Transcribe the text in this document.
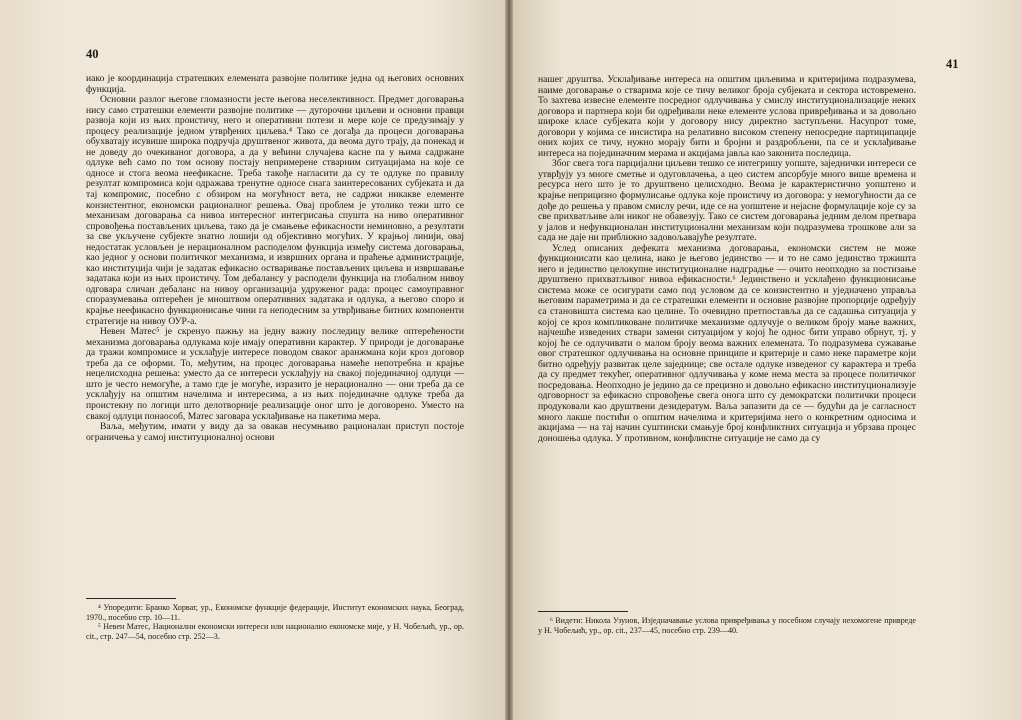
40

иако је координација стратешких елемената развојне политике једна од његових основних функција.

Основни разлог његове гломазности јесте његова неселективност. Предмет договарања нису само стратешки елементи развојне политике — дугорочни циљеви и основни правци развоја који из њих проистичу, него и оперативни потези и мере које се предузимају у процесу реализације једном утврђених циљева.⁴ Тако се догађа да процеси договарања обухватају исувише широка подручја друштвеног живота, да веома дуго трају, да понекад и не доведу до очекиваног договора, а да у већини случајева касне па у њима садржане одлуке већ само по том основу постају непримерене стварним ситуацијама на које се односе и стога веома неефикасне. Треба такође нагласити да су те одлуке по правилу резултат компромиса који одражава тренутне односе снага заинтересованих субјеката и да тај компромис, посебно с обзиром на могућност вета, не садржи никакве елементе конзистентног, економски рационалног решења. Овај проблем је утолико тежи што се механизам договарања са нивоа интересног интегрисања спушта на ниво оперативног спровођења постављених циљева, тако да је смањење ефикасности неминовно, а резултати за све укључене субјекте знатно лошији од објективно могућих. У крајњој линији, овај недостатак условљен је нерационалном расподелом функција између система договарања, као једног у основи политичког механизма, и извршних органа и праћење администрације, као институција чији је задатак ефикасно остваривање постављених циљева и извршавање задатака који из њих проистичу. Том дебалансу у расподели функција на глобалном нивоу одговара сличан дебаланс на нивоу организација удруженог рада: процес самоуправног споразумевања оптерећен је мноштвом оперативних задатака и одлука, а његово споро и крајње неефикасно функционисање чини га неподесним за утврђивање битних компоненти стратегије на нивоу ОУР-а.

Невен Матес⁵ је скренуо пажњу на једну важну последицу велике оптерећености механизма договарања одлукама које имају оперативни карактер. У природи је договарање да тражи компромисе и усклађује интересе поводом сваког аранжмана који кроз договор треба да се оформи. То, међутим, на процес договарања намеће непотребна и крајње нецелисходна решења: уместо да се интереси усклађују на свакој појединачној одлуци — што је често немогуће, а тамо где је могуће, изразито је нерационално — они треба да се усклађују на општим начелима и интересима, а из њих појединачне одлуке треба да проистекну по логици што делотворније реализације оног што је договорено. Уместо на свакој одлуци понаособ, Матес заговара усклађивање на пакетима мера.

Ваља, међутим, имати у виду да за овакав несумњиво рационалан приступ постоје ограничења у самој институционалној основи

⁴ Упоредити: Бранко Хорват, ур., Економске функције федерације, Институт економских наука, Београд, 1970., посебно стр. 10—11.

⁵ Невен Матес, Национални економски интереси или национално економске мије, у Н. Чобељић, ур., op. cit., стр. 247—54, посебно стр. 252—3.

41

нашег друштва. Усклађивање интереса на општим циљевима и критеријима подразумева, наиме договарање о стварима које се тичу великог броја субјеката и сектора истовремено. То захтева извесне елементе посредног одлучивања у смислу институционализације неких договора и партнера који би одређивали неке елементе услова привређивања и за довољно широке класе субјеката који у договору нису директно заступљени. Насупрот томе, договори у којима се инсистира на релативно високом степену непосредне партиципације оних којих се тичу, нужно морају бити и бројни и раздробљени, па се и усклађивање интереса на појединачним мерама и акцијама јавља као законита последица.

Због свега тога парцијални циљеви тешко се интегришу уопште, заједнички интереси се утврђују уз многе сметње и одуговлачења, а цео систем апсорбује много више времена и ресурса него што је то друштвено целисходно. Веома је карактеристично уопштено и крајње неприцизно формулисање одлука које проистичу из договора: у немогућности да се дође до решења у правом смислу речи, иде се на уопштене и нејасне формулације које су за све прихватљиве али никог не обавезују. Тако се систем договарања једним делом претвара у јалов и нефункционалан институционални механизам који подразумева трошкове али за сада не даје ни приближно задовољавајуће резултате.

Услед описаних дефеката механизма договарања, економски систем не може функционисати као целина, иако је његово јединство — и то не само јединство тржишта него и јединство целокупне институционалне надградње — очито неопходно за постизање друштвено прихватљивог нивоа ефикасности.⁶ Јединствено и усклађено функционисање система може се осигурати само под условом да се конзистентно и уједначено управља његовим параметрима и да се стратешки елементи и основне развојне пропорције одређују са становишта система као целине. То очевидно претпоставља да се садашња ситуација у којој се кроз компликоване политичке механизме одлучује о великом броју мање важних, најчешће изведених ствари замени ситуацијом у којој ће однос бити управо обрнут, тј. у којој ће се одлучивати о малом броју веома важних елемената. То подразумева сужавање овог стратешког одлучивања на основне принципе и критерије и само неке параметре који битно одређују развитак целе заједнице; све остале одлуке изведеног су карактера и треба да су предмет текућег, оперативног одлучивања у коме нема места за процесе политичког посредовања. Неопходно је једино да се прецизно и довољно ефикасно институционализује одговорност за ефикасно спровођење свега онога што су демократски политички процеси продуковали као друштвени дезидератум. Ваља запазити да се — будући да је сагласност много лакше постићи о општим начелима и критеријима него о конкретним односима и акцијама — на тај начин суштински смањује број конфликтних ситуација и убрзава процес доношења одлука. У противном, конфликтне ситуације не само да су

⁶ Видети: Никола Узунов, Изједначавање услова привређивања у посебном случају нехомогене привреде у Н. Чобељић, ур., op. cit., 237—45, посебно стр. 239—40.
